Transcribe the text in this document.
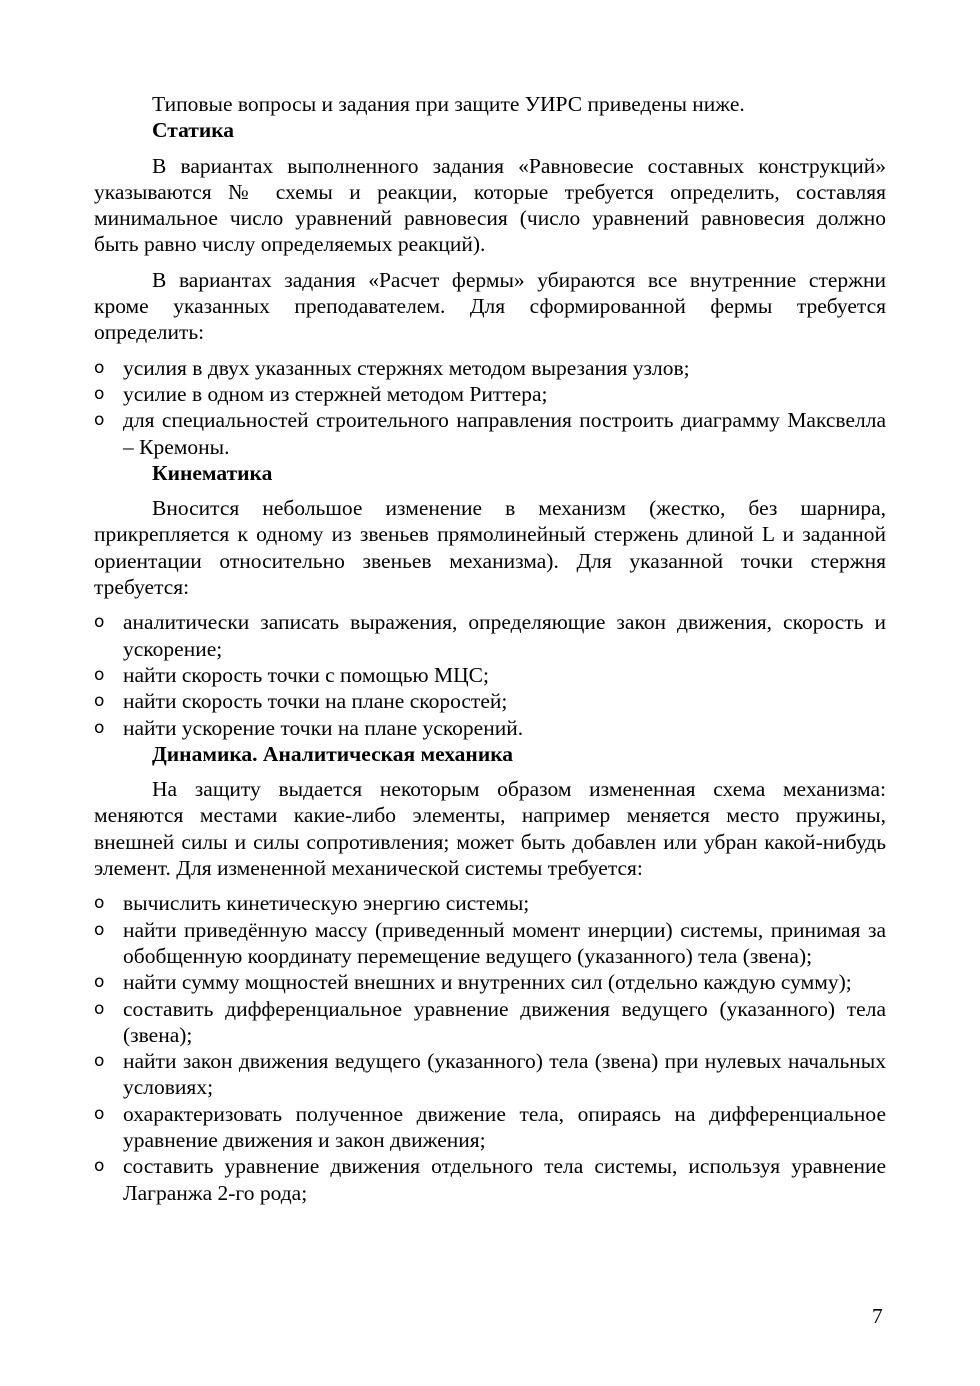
Типовые вопросы и задания при защите УИРС приведены ниже.

Статика

В вариантах выполненного задания «Равновесие составных конструкций» указываются № схемы и реакции, которые требуется определить, составляя минимальное число уравнений равновесия (число уравнений равновесия должно быть равно числу определяемых реакций).

В вариантах задания «Расчет фермы» убираются все внутренние стержни кроме указанных преподавателем. Для сформированной фермы требуется определить:

o усилия в двух указанных стержнях методом вырезания узлов;
o усилие в одном из стержней методом Риттера;
o для специальностей строительного направления построить диаграмму Максвелла – Кремоны.

Кинематика

Вносится небольшое изменение в механизм (жестко, без шарнира, прикрепляется к одному из звеньев прямолинейный стержень длиной L и заданной ориентации относительно звеньев механизма). Для указанной точки стержня требуется:

o аналитически записать выражения, определяющие закон движения, скорость и ускорение;
o найти скорость точки с помощью МЦС;
o найти скорость точки на плане скоростей;
o найти ускорение точки на плане ускорений.

Динамика. Аналитическая механика

На защиту выдается некоторым образом измененная схема механизма: меняются местами какие-либо элементы, например меняется место пружины, внешней силы и силы сопротивления; может быть добавлен или убран какой-нибудь элемент. Для измененной механической системы требуется:

o вычислить кинетическую энергию системы;
o найти приведённую массу (приведенный момент инерции) системы, принимая за обобщенную координату перемещение ведущего (указанного) тела (звена);
o найти сумму мощностей внешних и внутренних сил (отдельно каждую сумму);
o составить дифференциальное уравнение движения ведущего (указанного) тела (звена);
o найти закон движения ведущего (указанного) тела (звена) при нулевых начальных условиях;
o охарактеризовать полученное движение тела, опираясь на дифференциальное уравнение движения и закон движения;
o составить уравнение движения отдельного тела системы, используя уравнение Лагранжа 2-го рода;
7
